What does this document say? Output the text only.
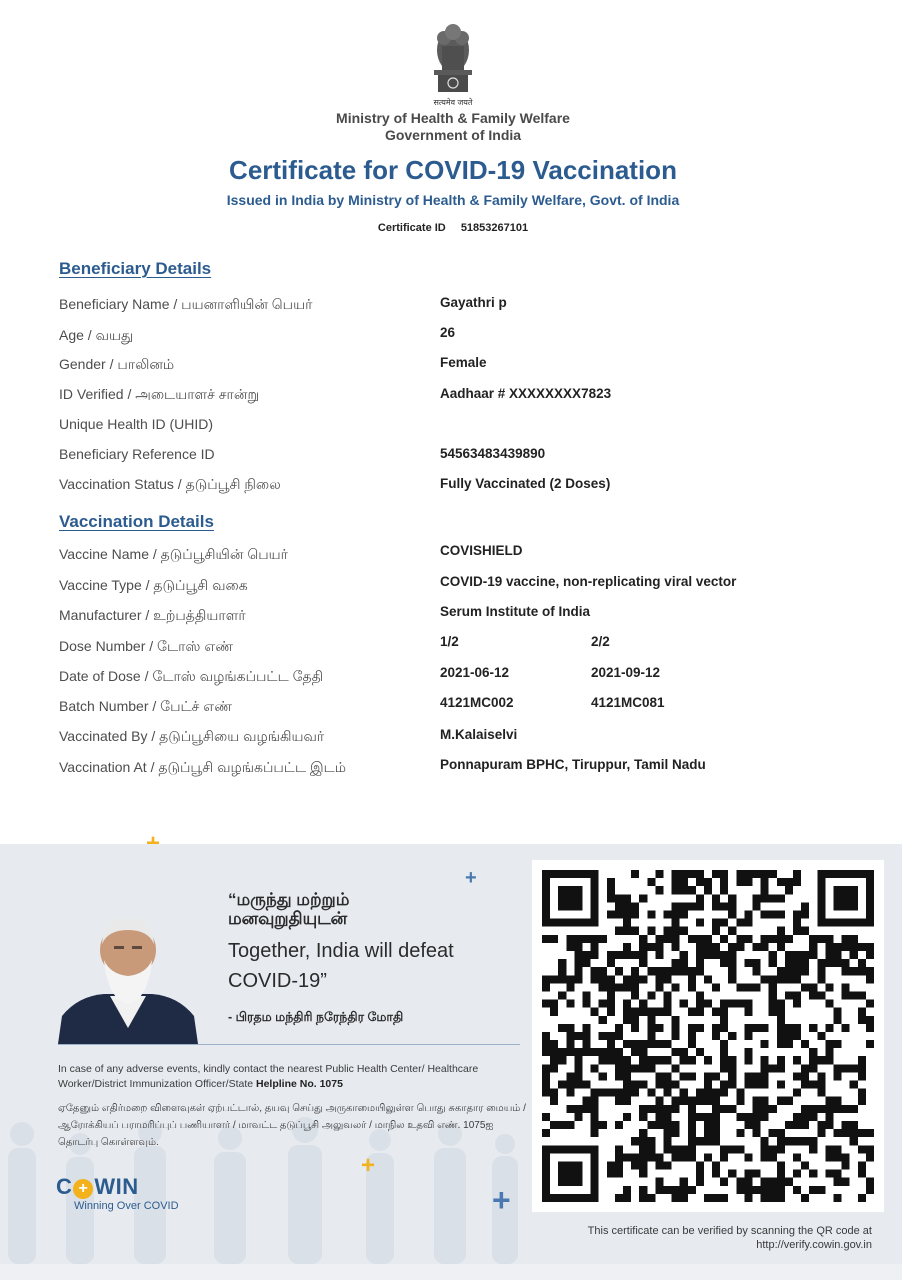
सत्यमेव जयते
Ministry of Health & Family Welfare
Government of India
Certificate for COVID-19 Vaccination
Issued in India by Ministry of Health & Family Welfare, Govt. of India
Certificate ID 51853267101
Beneficiary Details
Beneficiary Name / பயனாளியின் பெயர்	Gayathri p
Age / வயது	26
Gender / பாலினம்	Female
ID Verified / அடையாளச் சான்று	Aadhaar # XXXXXXXX7823
Unique Health ID (UHID)
Beneficiary Reference ID	54563483439890
Vaccination Status / தடுப்பூசி நிலை	Fully Vaccinated (2 Doses)
Vaccination Details
Vaccine Name / தடுப்பூசியின் பெயர்	COVISHIELD
Vaccine Type / தடுப்பூசி வகை	COVID-19 vaccine, non-replicating viral vector
Manufacturer / உற்பத்தியாளர்	Serum Institute of India
Dose Number / டோஸ் எண்	1/2	2/2
Date of Dose / டோஸ் வழங்கப்பட்ட தேதி	2021-06-12	2021-09-12
Batch Number / பேட்ச் எண்	4121MC002	4121MC081
Vaccinated By / தடுப்பூசியை வழங்கியவர்	M.Kalaiselvi
Vaccination At / தடுப்பூசி வழங்கப்பட்ட இடம்	Ponnapuram BPHC, Tiruppur, Tamil Nadu
+
+
+
“மருந்து மற்றும் மனவுறுதியுடன்
Together, India will defeat COVID-19”
- பிரதம மந்திரி நரேந்திர மோதி
In case of any adverse events, kindly contact the nearest Public Health Center/ Healthcare Worker/District Immunization Officer/State Helpline No. 1075
ஏதேனும் எதிர்மறை விளைவுகள் ஏற்பட்டால், தயவு செய்து அருகாமையிலுள்ள பொது சுகாதார மையம் / ஆரோக்கியப் பராமரிப்புப் பணியாளர் / மாவட்ட தடுப்பூசி அலுவலர் / மாநில உதவி எண். 1075ஐ தொடர்பு கொள்ளவும்.
C + WIN
Winning Over COVID
This certificate can be verified by scanning the QR code at http://verify.cowin.gov.in
